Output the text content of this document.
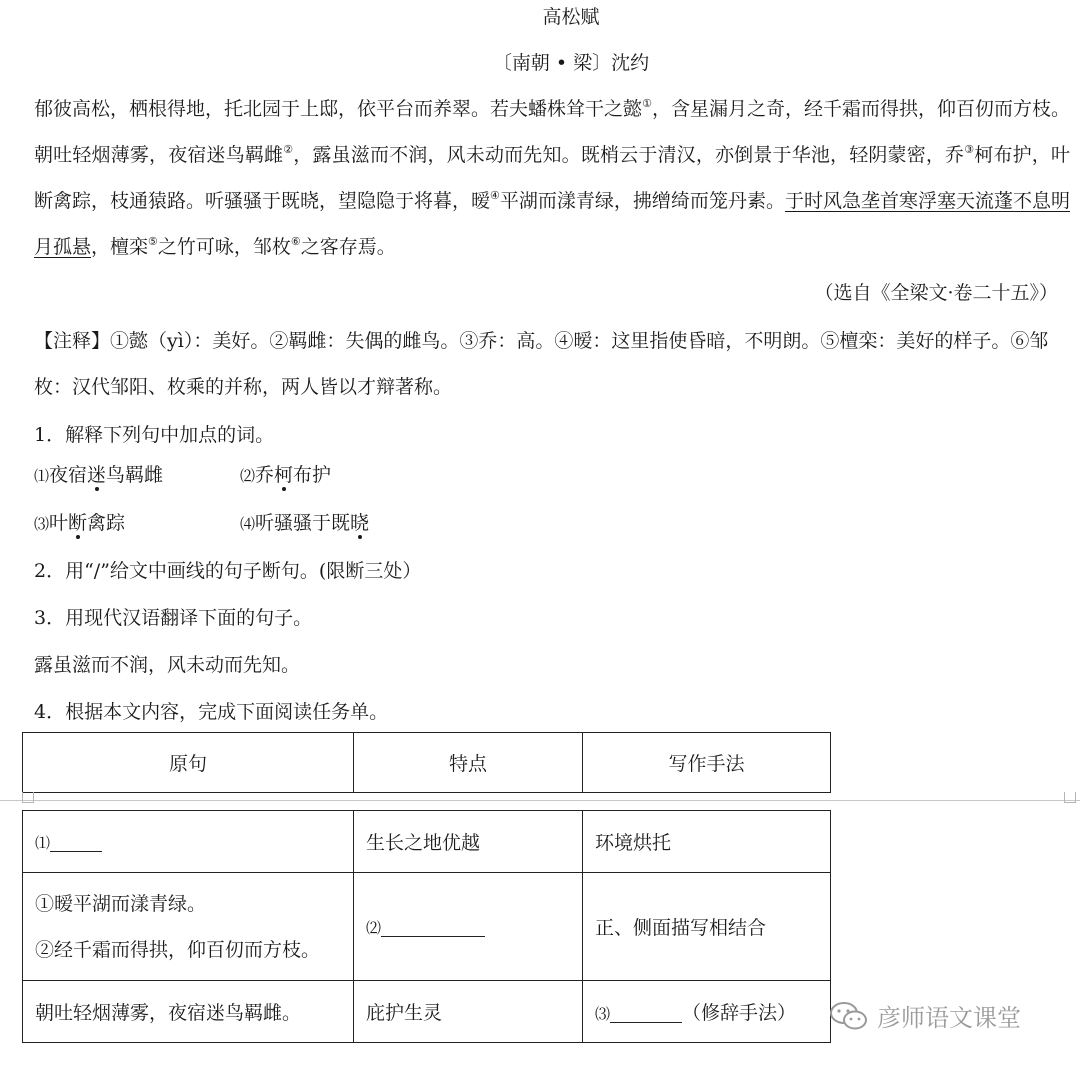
高松赋
〔南朝 • 梁〕沈约
郁彼高松，栖根得地，托北园于上邸，依平台而养翠。若夫蟠株耸干之懿①，含星漏月之奇，经千霜而得拱，仰百仞而方枝。朝吐轻烟薄雾，夜宿迷鸟羁雌②，露虽滋而不润，风未动而先知。既梢云于清汉，亦倒景于华池，轻阴蒙密，乔③柯布护，叶断禽踪，枝通猿路。听骚骚于既晓，望隐隐于将暮，暧④平湖而漾青绿，拂缯绮而笼丹素。于时风急垄首寒浮塞天流蓬不息明月孤悬，檀栾⑤之竹可咏，邹枚⑥之客存焉。
（选自《全梁文·卷二十五》）
【注释】①懿（yì）：美好。②羁雌：失偶的雌鸟。③乔：高。④暧：这里指使昏暗，不明朗。⑤檀栾：美好的样子。⑥邹枚：汉代邹阳、枚乘的并称，两人皆以才辩著称。
1．解释下列句中加点的词。
⑴夜宿迷鸟羁雌	⑵乔柯布护
⑶叶断禽踪	⑷听骚骚于既晓
2．用“/”给文中画线的句子断句。(限断三处）
3．用现代汉语翻译下面的句子。
露虽滋而不润，风未动而先知。
4．根据本文内容，完成下面阅读任务单。
原句	特点	写作手法
⑴	生长之地优越	环境烘托

①暧平湖而漾青绿。
②经千霜而得拱，仰百仞而方枝。	⑵	正、侧面描写相结合
朝吐轻烟薄雾，夜宿迷鸟羁雌。	庇护生灵	⑶ （修辞手法）	彦师语文课堂
